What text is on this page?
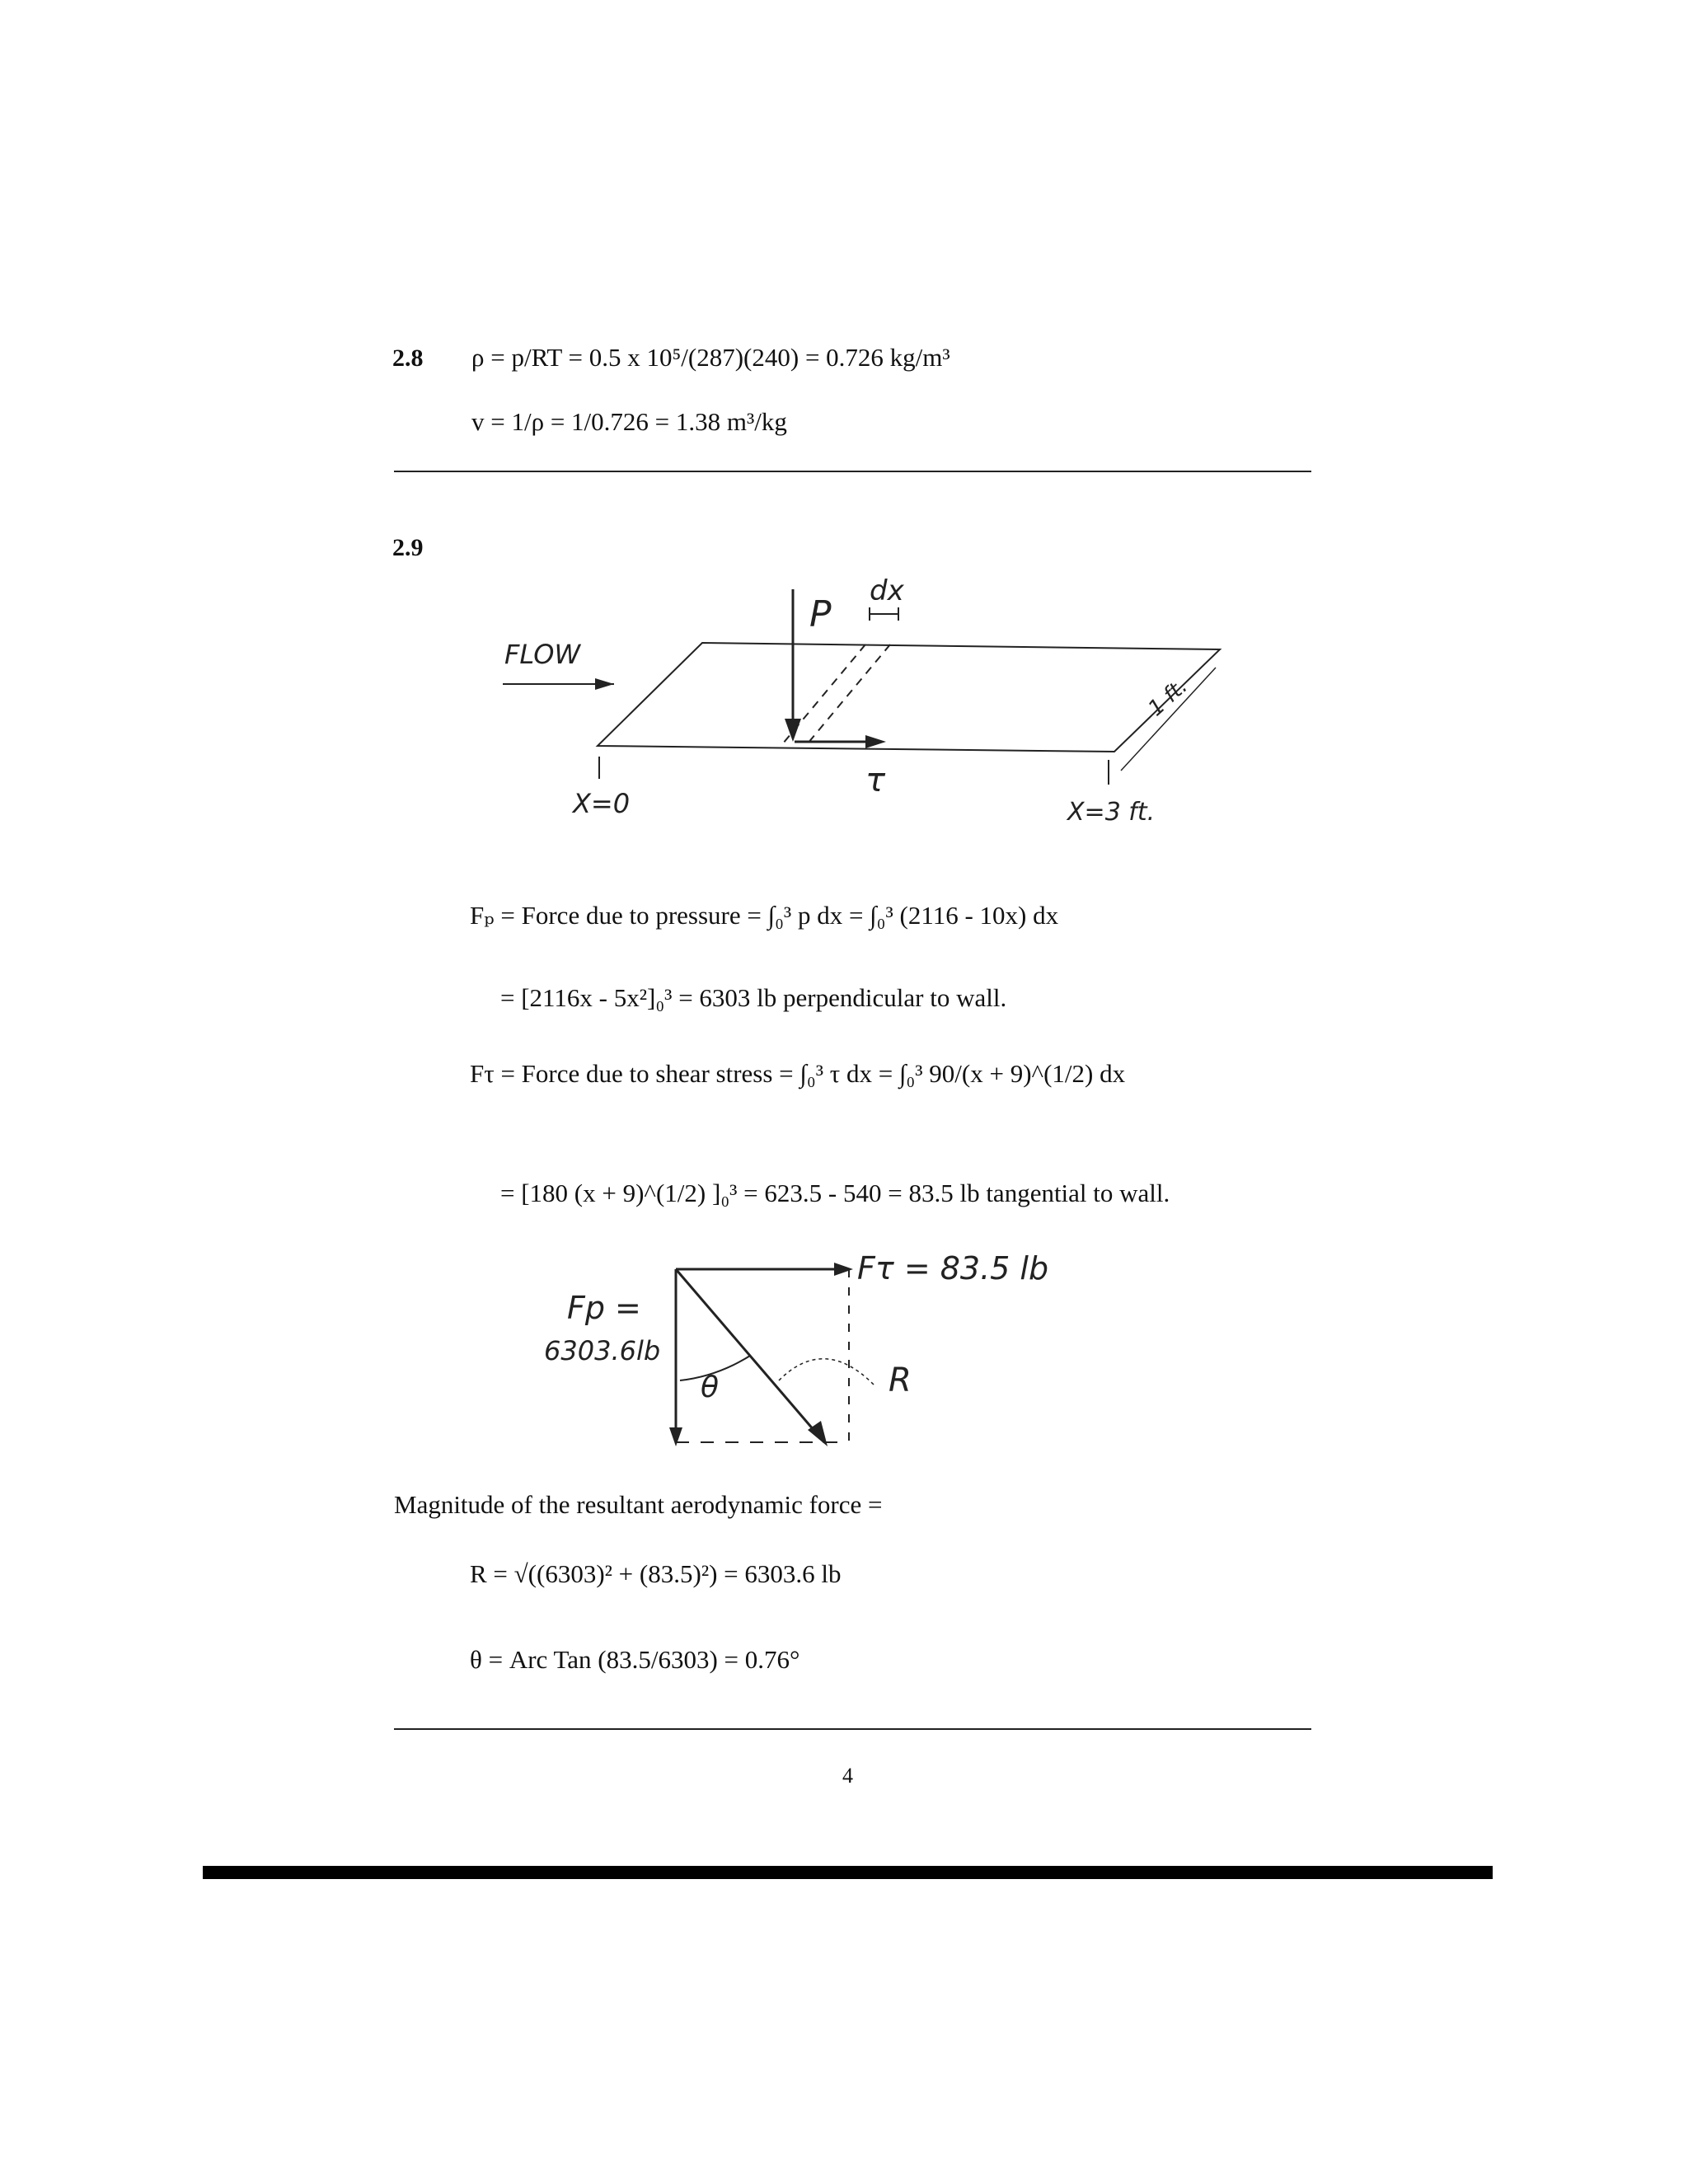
2.8 ρ = p/RT = 0.5 x 10⁵/(287)(240) = 0.726 kg/m³
v = 1/ρ = 1/0.726 = 1.38 m³/kg
2.9
FLOW
P
dx
τ
X=0	X=3 ft.
1 ft.
Fₚ = Force due to pressure = ∫₀³ p dx = ∫₀³ (2116 - 10x) dx
= [2116x - 5x²]₀³ = 6303 lb perpendicular to wall.
Fτ = Force due to shear stress = ∫₀³ τ dx = ∫₀³ 90/(x + 9)^(1/2) dx
= [180 (x + 9)^(1/2) ]₀³ = 623.5 - 540 = 83.5 lb tangential to wall.
Fτ = 83.5 lb
Fp =
6303.6lb
θ	R
Magnitude of the resultant aerodynamic force =
R = √((6303)² + (83.5)²) = 6303.6 lb
θ = Arc Tan (83.5/6303) = 0.76°
4
